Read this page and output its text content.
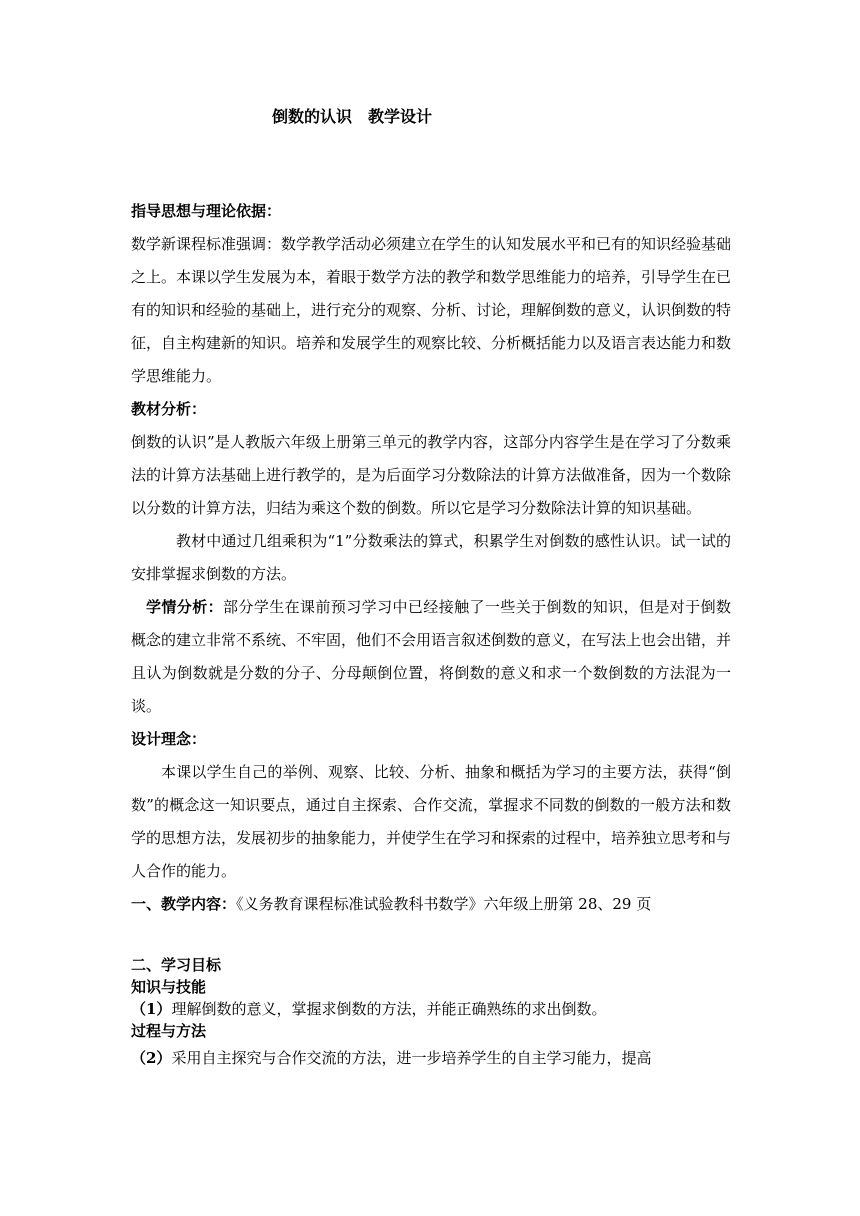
倒数的认识　教学设计

指导思想与理论依据：

数学新课程标准强调：数学教学活动必须建立在学生的认知发展水平和已有的知识经验基础之上。本课以学生发展为本，着眼于数学方法的教学和数学思维能力的培养，引导学生在已有的知识和经验的基础上，进行充分的观察、分析、讨论，理解倒数的意义，认识倒数的特征，自主构建新的知识。培养和发展学生的观察比较、分析概括能力以及语言表达能力和数学思维能力。

教材分析：

倒数的认识”是人教版六年级上册第三单元的教学内容，这部分内容学生是在学习了分数乘法的计算方法基础上进行教学的，是为后面学习分数除法的计算方法做准备，因为一个数除以分数的计算方法，归结为乘这个数的倒数。所以它是学习分数除法计算的知识基础。

教材中通过几组乘积为“1”分数乘法的算式，积累学生对倒数的感性认识。试一试的安排掌握求倒数的方法。

学情分析：部分学生在课前预习学习中已经接触了一些关于倒数的知识，但是对于倒数概念的建立非常不系统、不牢固，他们不会用语言叙述倒数的意义，在写法上也会出错，并且认为倒数就是分数的分子、分母颠倒位置，将倒数的意义和求一个数倒数的方法混为一谈。

设计理念：

本课以学生自己的举例、观察、比较、分析、抽象和概括为学习的主要方法，获得“倒数”的概念这一知识要点，通过自主探索、合作交流，掌握求不同数的倒数的一般方法和数学的思想方法，发展初步的抽象能力，并使学生在学习和探索的过程中，培养独立思考和与人合作的能力。

一、教学内容：《义务教育课程标准试验教科书数学》六年级上册第 28、29 页

二、学习目标

知识与技能

（1）理解倒数的意义，掌握求倒数的方法，并能正确熟练的求出倒数。

过程与方法

（2）采用自主探究与合作交流的方法，进一步培养学生的自主学习能力，提高
